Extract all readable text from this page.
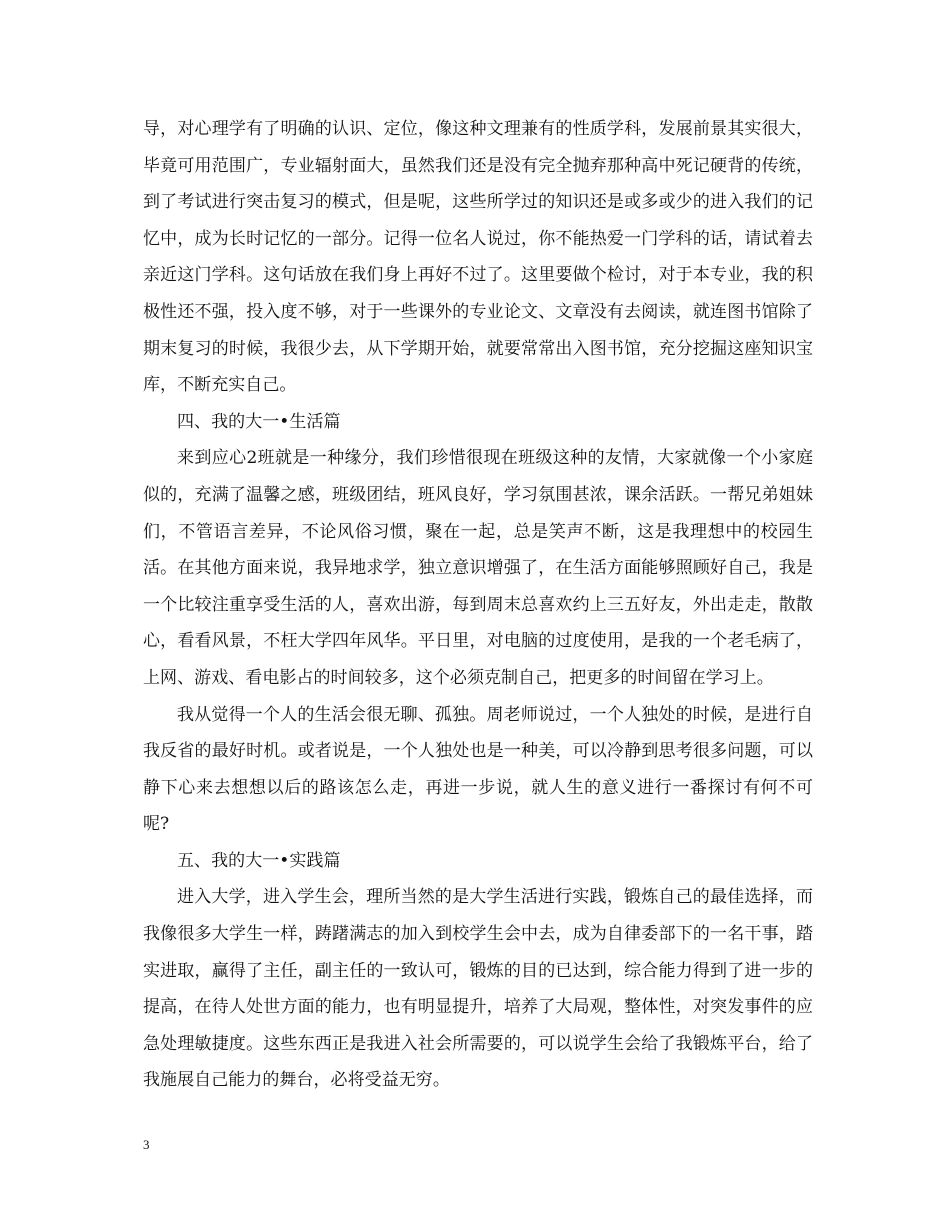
导，对心理学有了明确的认识、定位，像这种文理兼有的性质学科，发展前景其实很大，毕竟可用范围广，专业辐射面大，虽然我们还是没有完全抛弃那种高中死记硬背的传统，到了考试进行突击复习的模式，但是呢，这些所学过的知识还是或多或少的进入我们的记忆中，成为长时记忆的一部分。记得一位名人说过，你不能热爱一门学科的话，请试着去亲近这门学科。这句话放在我们身上再好不过了。这里要做个检讨，对于本专业，我的积极性还不强，投入度不够，对于一些课外的专业论文、文章没有去阅读，就连图书馆除了期末复习的时候，我很少去，从下学期开始，就要常常出入图书馆，充分挖掘这座知识宝库，不断充实自己。

四、我的大一•生活篇

来到应心2班就是一种缘分，我们珍惜很现在班级这种的友情，大家就像一个小家庭似的，充满了温馨之感，班级团结，班风良好，学习氛围甚浓，课余活跃。一帮兄弟姐妹们，不管语言差异，不论风俗习惯，聚在一起，总是笑声不断，这是我理想中的校园生活。在其他方面来说，我异地求学，独立意识增强了，在生活方面能够照顾好自己，我是一个比较注重享受生活的人，喜欢出游，每到周末总喜欢约上三五好友，外出走走，散散心，看看风景，不枉大学四年风华。平日里，对电脑的过度使用，是我的一个老毛病了，上网、游戏、看电影占的时间较多，这个必须克制自己，把更多的时间留在学习上。

我从觉得一个人的生活会很无聊、孤独。周老师说过，一个人独处的时候，是进行自我反省的最好时机。或者说是，一个人独处也是一种美，可以冷静到思考很多问题，可以静下心来去想想以后的路该怎么走，再进一步说，就人生的意义进行一番探讨有何不可呢?

五、我的大一•实践篇

进入大学，进入学生会，理所当然的是大学生活进行实践，锻炼自己的最佳选择，而我像很多大学生一样，踌躇满志的加入到校学生会中去，成为自律委部下的一名干事，踏实进取，赢得了主任，副主任的一致认可，锻炼的目的已达到，综合能力得到了进一步的提高，在待人处世方面的能力，也有明显提升，培养了大局观，整体性，对突发事件的应急处理敏捷度。这些东西正是我进入社会所需要的，可以说学生会给了我锻炼平台，给了我施展自己能力的舞台，必将受益无穷。

3
